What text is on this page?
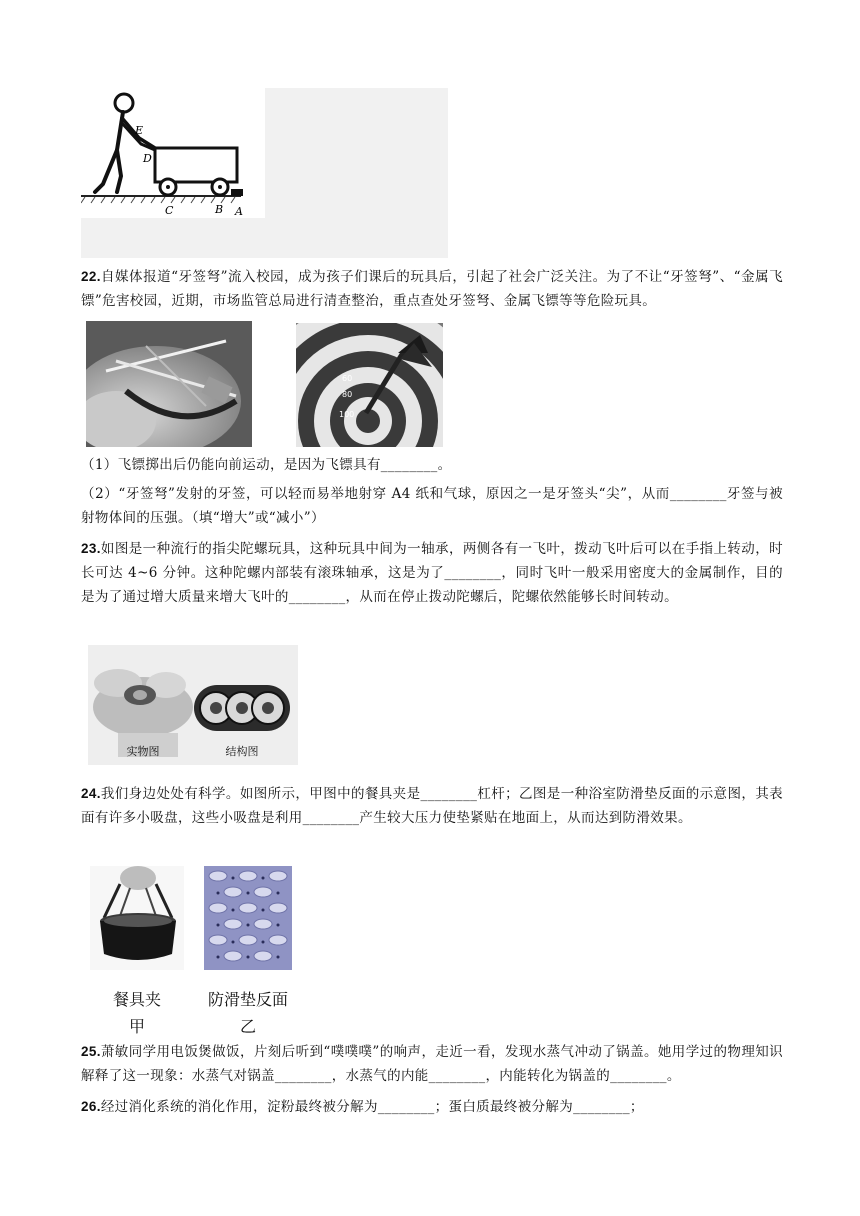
E
D
C	B A
22.自媒体报道“牙签弩”流入校园，成为孩子们课后的玩具后，引起了社会广泛关注。为了不让“牙签弩”、“金属飞镖”危害校园，近期，市场监管总局进行清查整治，重点查处牙签弩、金属飞镖等等危险玩具。
60
80
100
（1）飞镖掷出后仍能向前运动，是因为飞镖具有________。
（2）“牙签弩”发射的牙签，可以轻而易举地射穿 A4 纸和气球，原因之一是牙签头“尖”，从而________牙签与被射物体间的压强。（填“增大”或“减小”）
23.如图是一种流行的指尖陀螺玩具，这种玩具中间为一轴承，两侧各有一飞叶，拨动飞叶后可以在手指上转动，时长可达 4~6 分钟。这种陀螺内部装有滚珠轴承，这是为了________，同时飞叶一般采用密度大的金属制作，目的是为了通过增大质量来增大飞叶的________，从而在停止拨动陀螺后，陀螺依然能够长时间转动。
实物图	结构图
24.我们身边处处有科学。如图所示，甲图中的餐具夹是________杠杆；乙图是一种浴室防滑垫反面的示意图，其表面有许多小吸盘，这些小吸盘是利用________产生较大压力使垫紧贴在地面上，从而达到防滑效果。
餐具夹
甲
防滑垫反面
乙
25.萧敏同学用电饭煲做饭，片刻后听到“噗噗噗”的响声，走近一看，发现水蒸气冲动了锅盖。她用学过的物理知识解释了这一现象：水蒸气对锅盖________，水蒸气的内能________，内能转化为锅盖的________。
26.经过消化系统的消化作用，淀粉最终被分解为________；蛋白质最终被分解为________；
